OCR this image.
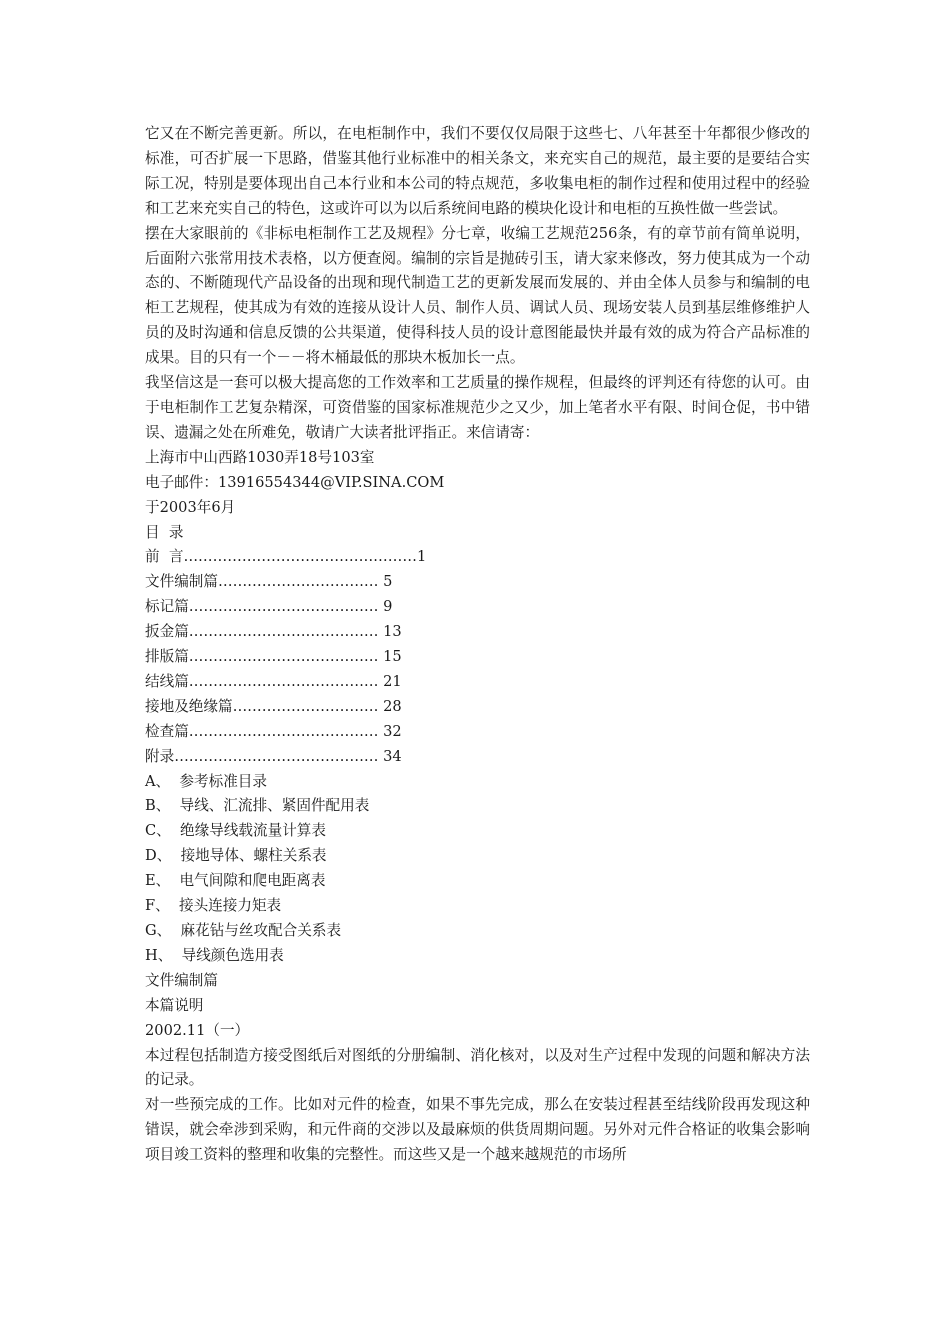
它又在不断完善更新。所以，在电柜制作中，我们不要仅仅局限于这些七、八年甚至十年都很少修改的标准，可否扩展一下思路，借鉴其他行业标准中的相关条文，来充实自己的规范，最主要的是要结合实际工况，特别是要体现出自己本行业和本公司的特点规范，多收集电柜的制作过程和使用过程中的经验和工艺来充实自己的特色，这或许可以为以后系统间电路的模块化设计和电柜的互换性做一些尝试。

摆在大家眼前的《非标电柜制作工艺及规程》分七章，收编工艺规范256条，有的章节前有简单说明，后面附六张常用技术表格，以方便查阅。编制的宗旨是抛砖引玉，请大家来修改，努力使其成为一个动态的、不断随现代产品设备的出现和现代制造工艺的更新发展而发展的、并由全体人员参与和编制的电柜工艺规程，使其成为有效的连接从设计人员、制作人员、调试人员、现场安装人员到基层维修维护人员的及时沟通和信息反馈的公共渠道，使得科技人员的设计意图能最快并最有效的成为符合产品标准的成果。目的只有一个－－将木桶最低的那块木板加长一点。

我坚信这是一套可以极大提高您的工作效率和工艺质量的操作规程，但最终的评判还有待您的认可。由于电柜制作工艺复杂精深，可资借鉴的国家标准规范少之又少，加上笔者水平有限、时间仓促，书中错误、遗漏之处在所难免，敬请广大读者批评指正。来信请寄：

上海市中山西路1030弄18号103室

电子邮件：13916554344@VIP.SINA.COM

于2003年6月

目  录

前  言…………………………………………1

文件编制篇…………………………… 5

标记篇………………………………… 9

扳金篇………………………………… 13

排版篇………………………………… 15

结线篇………………………………… 21

接地及绝缘篇………………………… 28

检查篇………………………………… 32

附录…………………………………… 34

A、  参考标准目录

B、  导线、汇流排、紧固件配用表

C、  绝缘导线载流量计算表

D、  接地导体、螺柱关系表

E、  电气间隙和爬电距离表

F、  接头连接力矩表

G、  麻花钻与丝攻配合关系表

H、  导线颜色选用表

文件编制篇

本篇说明

2002.11（一）

本过程包括制造方接受图纸后对图纸的分册编制、消化核对，以及对生产过程中发现的问题和解决方法的记录。

对一些预完成的工作。比如对元件的检查，如果不事先完成，那么在安装过程甚至结线阶段再发现这种错误，就会牵涉到采购，和元件商的交涉以及最麻烦的供货周期问题。另外对元件合格证的收集会影响项目竣工资料的整理和收集的完整性。而这些又是一个越来越规范的市场所
